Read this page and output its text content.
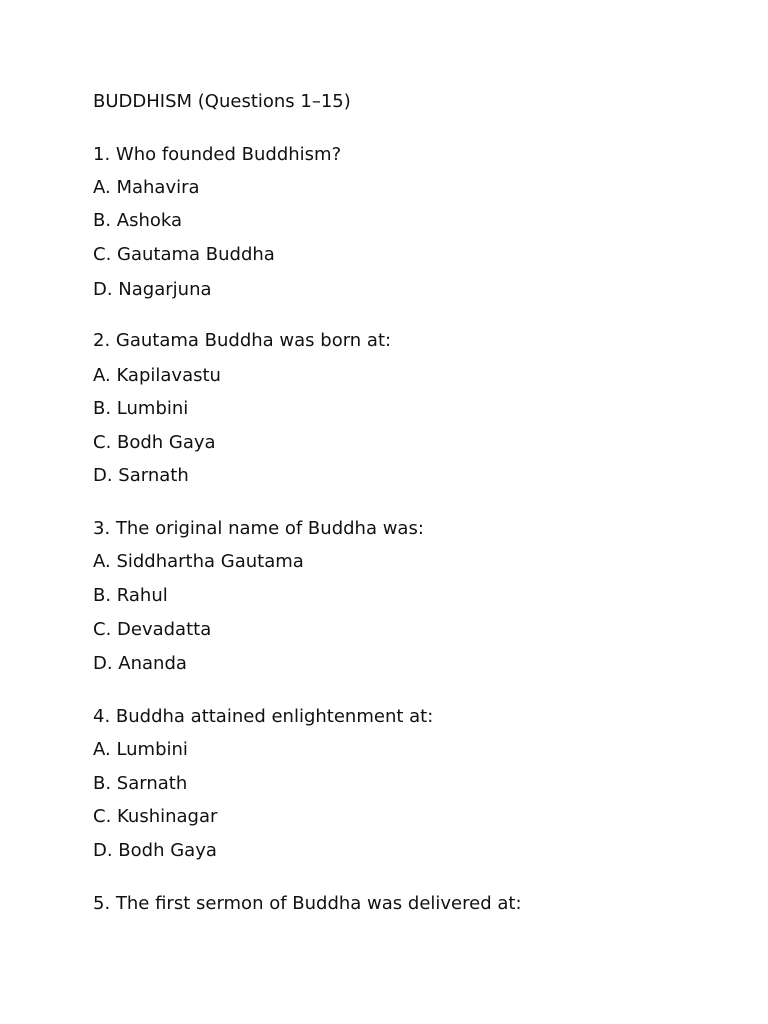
BUDDHISM (Questions 1–15)
1. Who founded Buddhism?
A. Mahavira
B. Ashoka
C. Gautama Buddha
D. Nagarjuna
2. Gautama Buddha was born at:
A. Kapilavastu
B. Lumbini
C. Bodh Gaya
D. Sarnath
3. The original name of Buddha was:
A. Siddhartha Gautama
B. Rahul
C. Devadatta
D. Ananda
4. Buddha attained enlightenment at:
A. Lumbini
B. Sarnath
C. Kushinagar
D. Bodh Gaya
5. The first sermon of Buddha was delivered at:
